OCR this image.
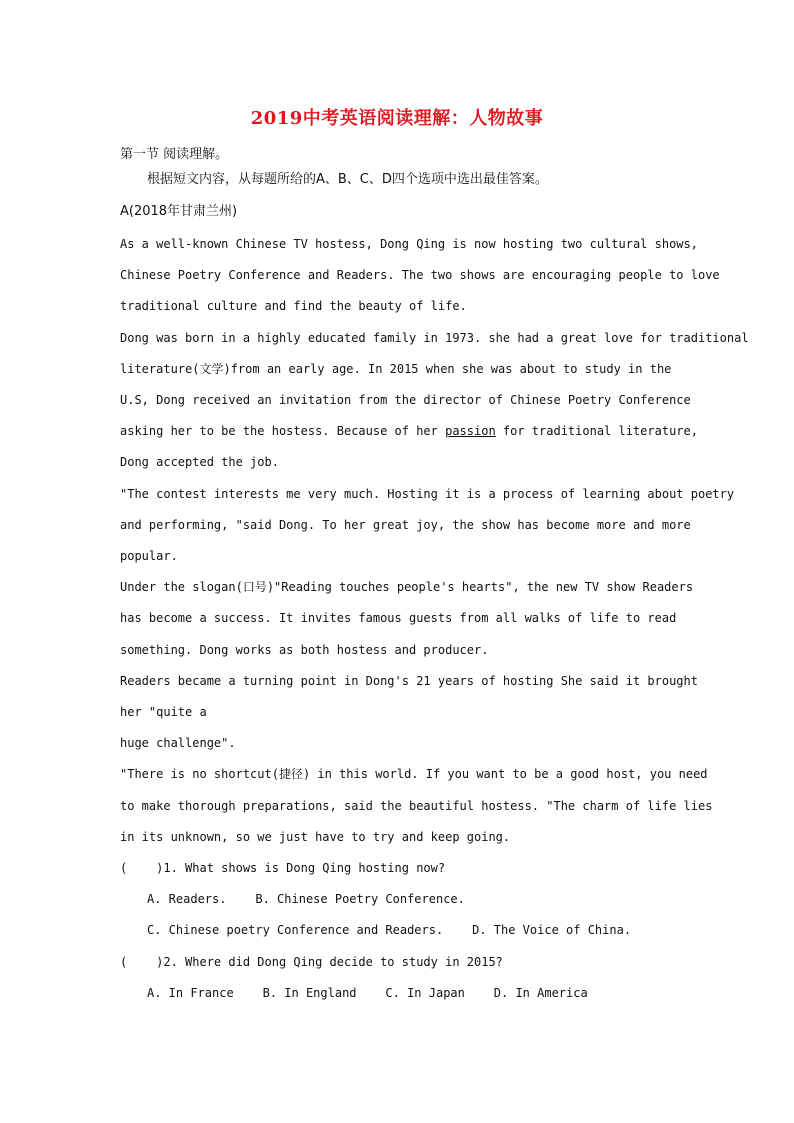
2019中考英语阅读理解：人物故事
第一节 阅读理解。
根据短文内容，从每题所给的A、B、C、D四个选项中选出最佳答案。
A(2018年甘肃兰州)
As a well-known Chinese TV hostess, Dong Qing is now hosting two cultural shows,
Chinese Poetry Conference and Readers. The two shows are encouraging people to love
traditional culture and find the beauty of life.
Dong was born in a highly educated family in 1973. she had a great love for traditional
literature(文学)from an early age. In 2015 when she was about to study in the
U.S, Dong received an invitation from the director of Chinese Poetry Conference
asking her to be the hostess. Because of her passion for traditional literature,
Dong accepted the job.
"The contest interests me very much. Hosting it is a process of learning about poetry
and performing, "said Dong. To her great joy, the show has become more and more
popular.
Under the slogan(口号)"Reading touches people's hearts", the new TV show Readers
has become a success. It invites famous guests from all walks of life to read
something. Dong works as both hostess and producer.
Readers became a turning point in Dong's 21 years of hosting She said it brought
her "quite a
huge challenge".
"There is no shortcut(捷径) in this world. If you want to be a good host, you need
to make thorough preparations, said the beautiful hostess. "The charm of life lies
in its unknown, so we just have to try and keep going.
(    )1. What shows is Dong Qing hosting now?
A. Readers.    B. Chinese Poetry Conference.
C. Chinese poetry Conference and Readers.    D. The Voice of China.
(    )2. Where did Dong Qing decide to study in 2015?
A. In France    B. In England    C. In Japan    D. In America
